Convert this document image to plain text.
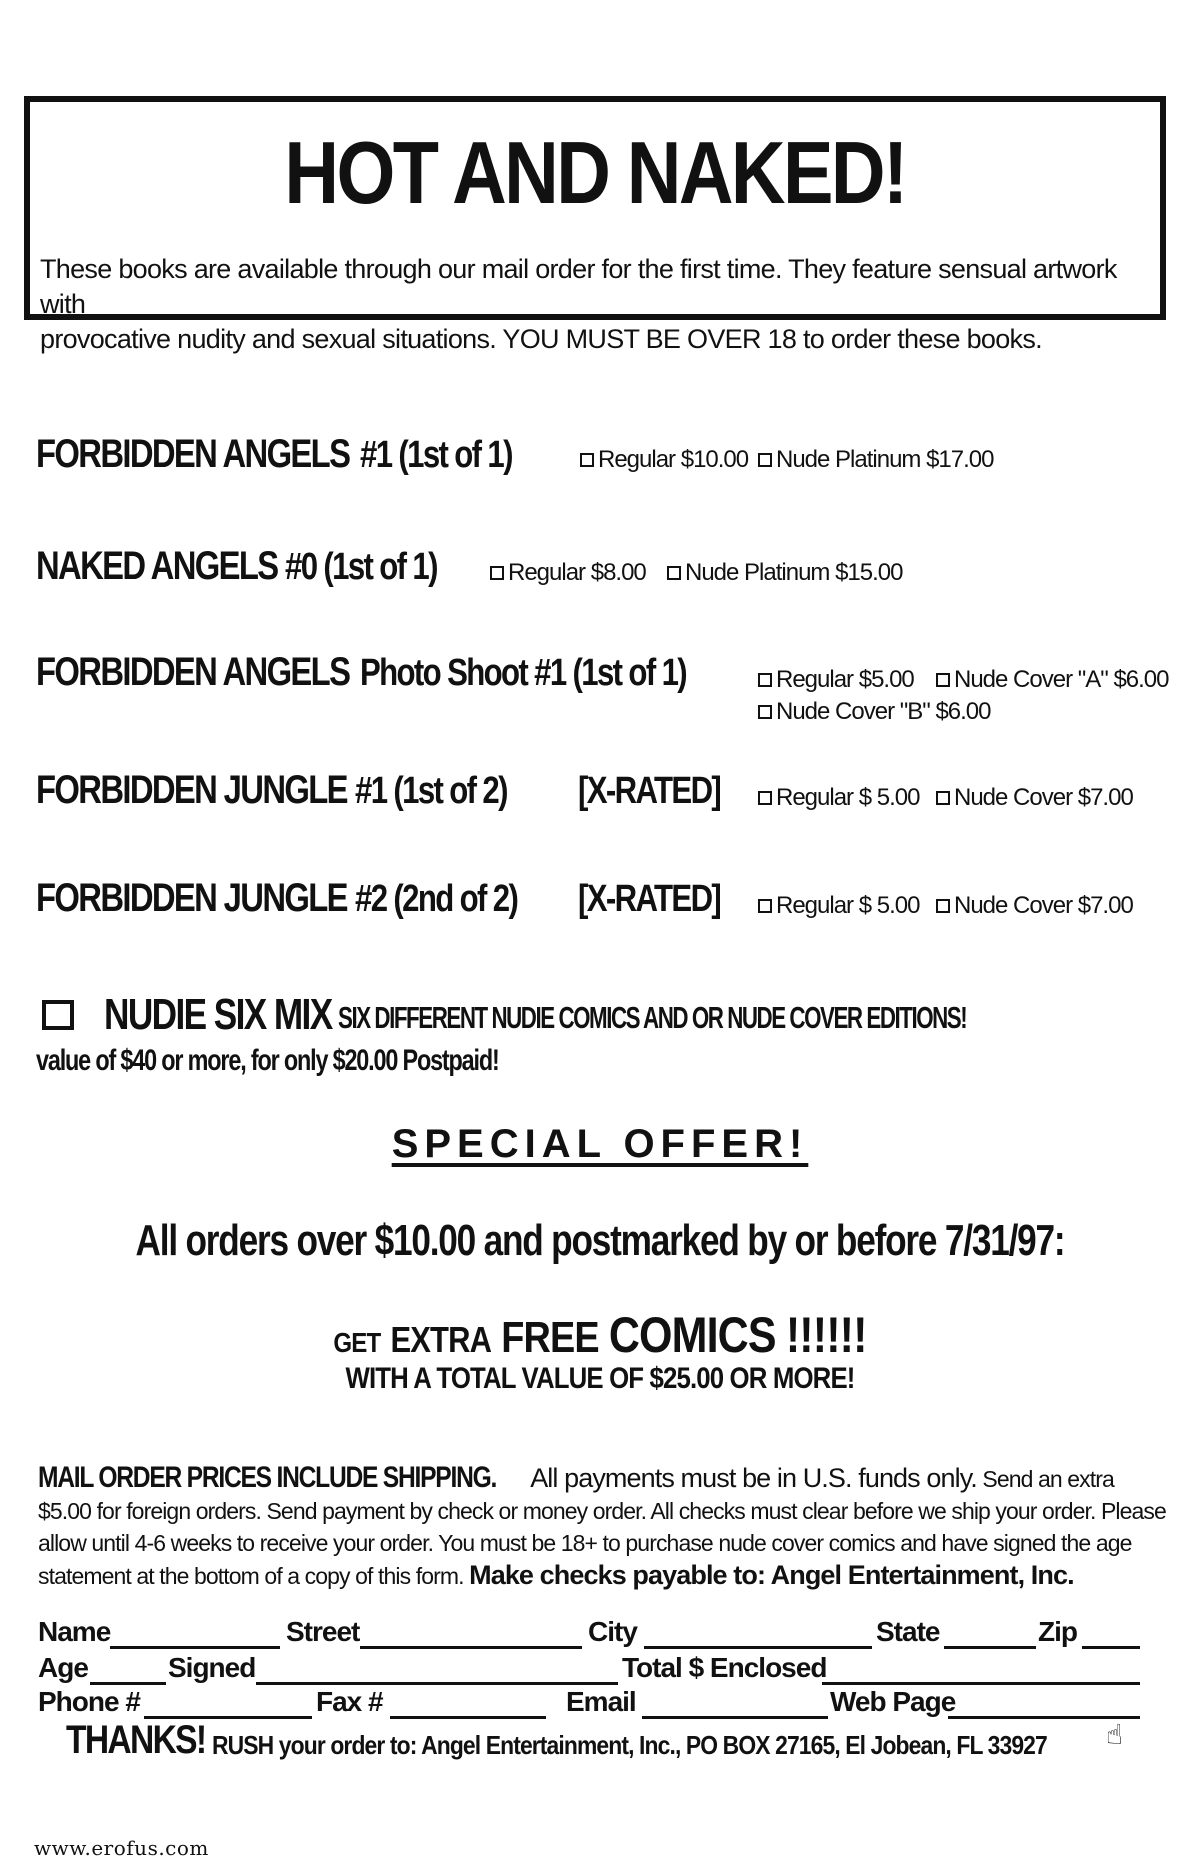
HOT AND NAKED!
These books are available through our mail order for the first time. They feature sensual artwork with
provocative nudity and sexual situations. YOU MUST BE OVER 18 to order these books.
FORBIDDEN ANGELS #1 (1st of 1)	Regular $10.00 Nude Platinum $17.00
NAKED ANGELS #0 (1st of 1)	Regular $8.00 Nude Platinum $15.00
FORBIDDEN ANGELS Photo Shoot #1 (1st of 1)	Regular $5.00 Nude Cover "A" $6.00
Nude Cover "B" $6.00
FORBIDDEN JUNGLE #1 (1st of 2) [X-RATED] Regular $ 5.00 Nude Cover $7.00
FORBIDDEN JUNGLE #2 (2nd of 2) [X-RATED] Regular $ 5.00 Nude Cover $7.00
NUDIE SIX MIX SIX DIFFERENT NUDIE COMICS AND OR NUDE COVER EDITIONS!
value of $40 or more, for only $20.00 Postpaid!
SPECIAL OFFER!
All orders over $10.00 and postmarked by or before 7/31/97:
GET EXTRA FREE COMICS !!!!!!
WITH A TOTAL VALUE OF $25.00 OR MORE!
MAIL ORDER PRICES INCLUDE SHIPPING. All payments must be in U.S. funds only. Send an extra $5.00 for foreign orders. Send payment by check or money order. All checks must clear before we ship your order. Please allow until 4-6 weeks to receive your order. You must be 18+ to purchase nude cover comics and have signed the age statement at the bottom of a copy of this form. Make checks payable to: Angel Entertainment, Inc.
Name	Street	City	State	Zip
Age	Signed	Total $ Enclosed
Phone #	Fax #	Email	Web Page
THANKS! RUSH your order to: Angel Entertainment, Inc., PO BOX 27165, El Jobean, FL 33927 ☝
www.erofus.com
